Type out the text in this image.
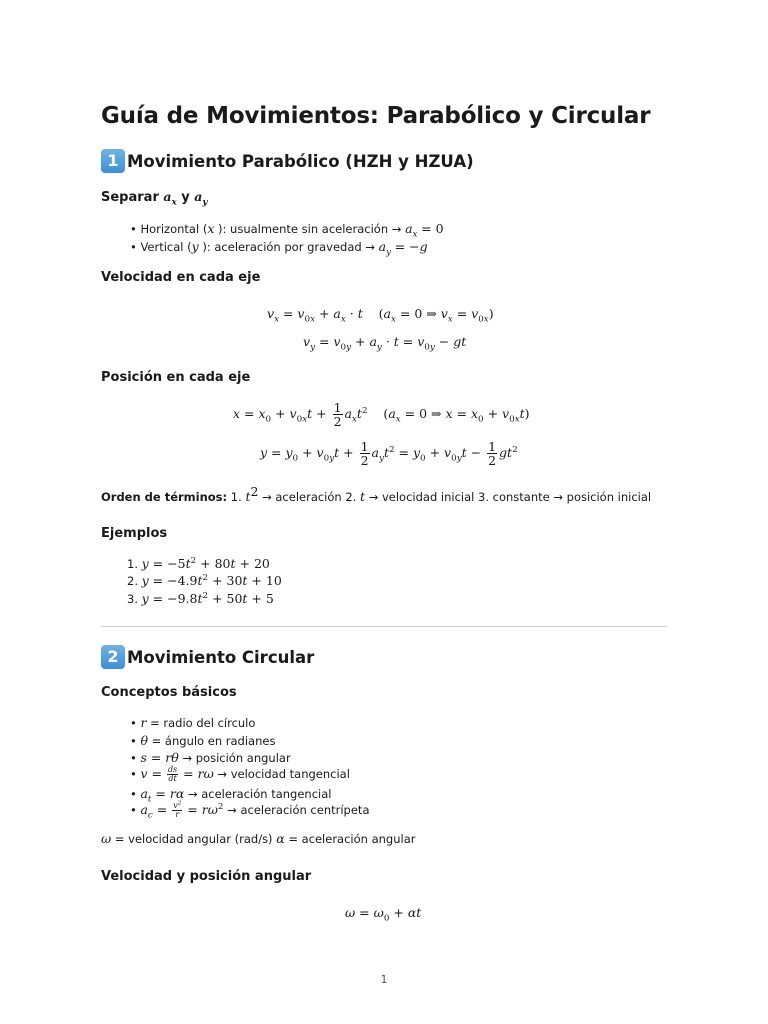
Guía de Movimientos: Parabólico y Circular
1 Movimiento Parabólico (HZH y HZUA)
Separar $a_x$ y $a_y$
• Horizontal (x ): usualmente sin aceleración → $a_x = 0$
• Vertical (y ): aceleración por gravedad → $a_y = -g$
Velocidad en cada eje
$v_x = v_{0x} + a_x \cdot t$    ($a_x = 0$ ⇒ $v_x = v_{0x}$)
$v_y = v_{0y} + a_y \cdot t = v_{0y}$ − gt
Posición en cada eje
$x = x_0 + v_{0x}t + \frac{1}{2} a_xt^2$    ($a_x = 0$ ⇒ $x = x_0 + v_{0x}t$)
$y = y_0 + v_{0y}t + \frac{1}{2} a_yt^2 = y_0 + v_{0y}t - \frac{1}{2} gt^2$
Orden de términos: 1. $t^2$ → aceleración 2. t → velocidad inicial 3. constante → posición inicial
Ejemplos
1. $y = -5t^2 + 80t + 20$
2. $y = -4.9t^2 + 30t + 10$
3. $y = -9.8t^2 + 50t + 5$
2 Movimiento Circular
Conceptos básicos
• r = radio del círculo
• θ = ángulo en radianes
• s = rθ → posición angular
• $v = \frac{ds}{dt} = r\omega$ → velocidad tangencial
• $a_t = r\alpha$ → aceleración tangencial
• $a_c = \frac{v^2}{r} = r\omega^2$ → aceleración centrípeta
ω = velocidad angular (rad/s) α = aceleración angular
Velocidad y posición angular
$\omega = \omega_0 + \alpha t$
1
